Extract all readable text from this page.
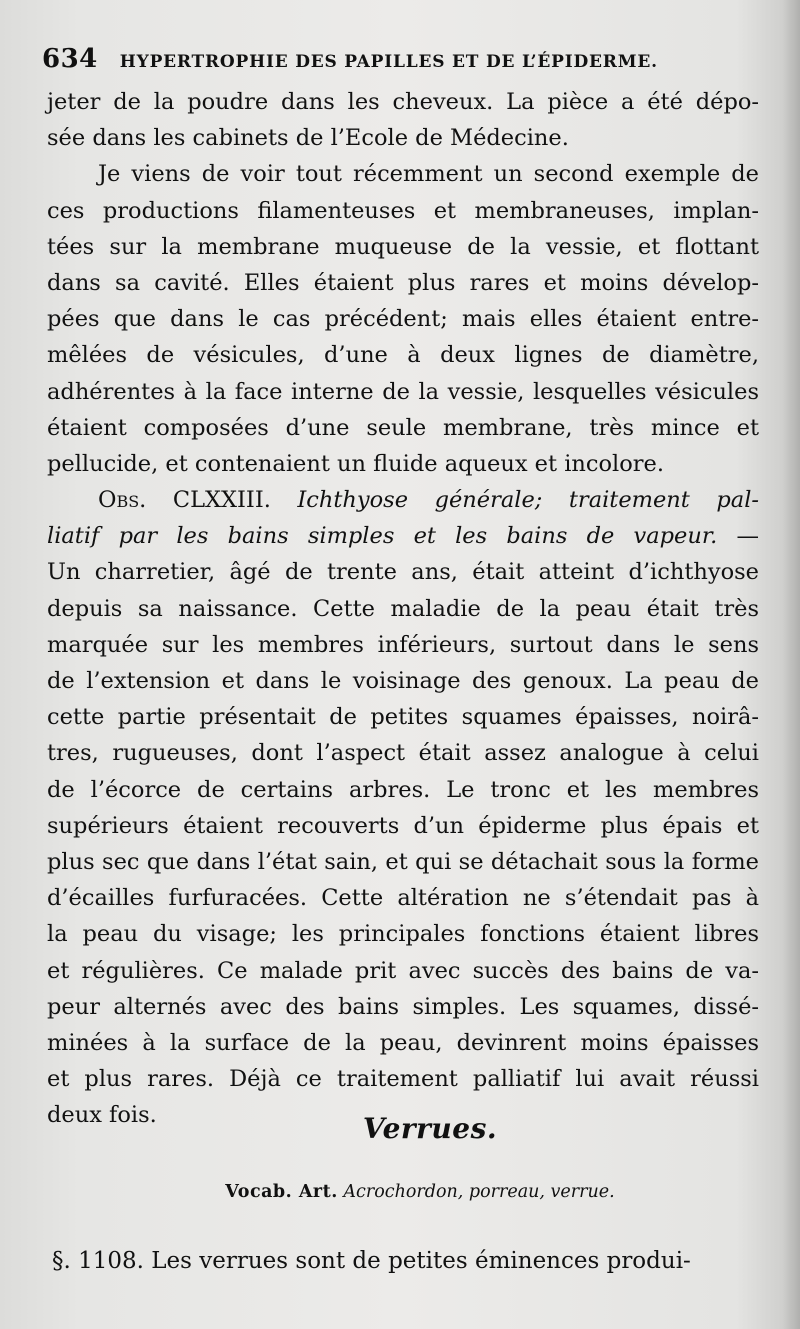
634 HYPERTROPHIE DES PAPILLES ET DE L’ÉPIDERME.
jeter de la poudre dans les cheveux. La pièce a été dépo-
sée dans les cabinets de l’Ecole de Médecine.
Je viens de voir tout récemment un second exemple de
ces productions filamenteuses et membraneuses, implan-
tées sur la membrane muqueuse de la vessie, et flottant
dans sa cavité. Elles étaient plus rares et moins dévelop-
pées que dans le cas précédent; mais elles étaient entre-
mêlées de vésicules, d’une à deux lignes de diamètre,
adhérentes à la face interne de la vessie, lesquelles vésicules
étaient composées d’une seule membrane, très mince et
pellucide, et contenaient un fluide aqueux et incolore.
Obs. CLXXIII. Ichthyose générale; traitement pal-
liatif par les bains simples et les bains de vapeur. —
Un charretier, âgé de trente ans, était atteint d’ichthyose
depuis sa naissance. Cette maladie de la peau était très
marquée sur les membres inférieurs, surtout dans le sens
de l’extension et dans le voisinage des genoux. La peau de
cette partie présentait de petites squames épaisses, noirâ-
tres, rugueuses, dont l’aspect était assez analogue à celui
de l’écorce de certains arbres. Le tronc et les membres
supérieurs étaient recouverts d’un épiderme plus épais et
plus sec que dans l’état sain, et qui se détachait sous la forme
d’écailles furfuracées. Cette altération ne s’étendait pas à
la peau du visage; les principales fonctions étaient libres
et régulières. Ce malade prit avec succès des bains de va-
peur alternés avec des bains simples. Les squames, dissé-
minées à la surface de la peau, devinrent moins épaisses
et plus rares. Déjà ce traitement palliatif lui avait réussi
deux fois.	Verrues.
Vocab. Art. Acrochordon, porreau, verrue.
§. 1108. Les verrues sont de petites éminences produi-
